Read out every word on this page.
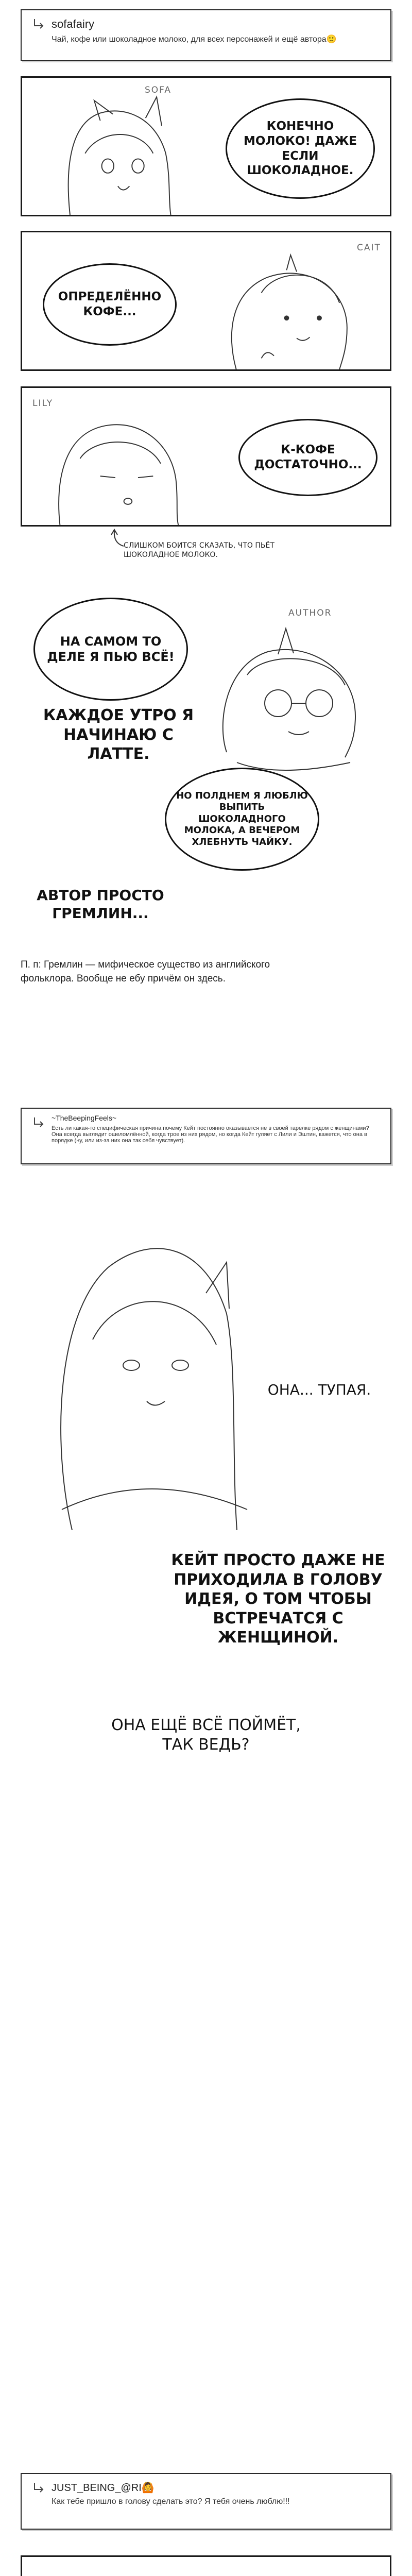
sofafairy
Чай, кофе или шоколадное молоко, для всех персонажей и ещё автора🙂
SOFA
КОНЕЧНО МОЛОКО! ДАЖЕ ЕСЛИ ШОКОЛАДНОЕ.
CAIT
ОПРЕДЕЛЁННО КОФЕ...
LILY
К-КОФЕ ДОСТАТОЧНО...
СЛИШКОМ БОИТСЯ СКАЗАТЬ, ЧТО ПЬЁТ ШОКОЛАДНОЕ МОЛОКО.
AUTHOR
НА САМОМ ТО ДЕЛЕ Я ПЬЮ ВСЁ!
КАЖДОЕ УТРО Я НАЧИНАЮ С ЛАТТЕ.
НО ПОЛДНЕМ Я ЛЮБЛЮ ВЫПИТЬ ШОКОЛАДНОГО МОЛОКА, А ВЕЧЕРОМ ХЛЕБНУТЬ ЧАЙКУ.
АВТОР ПРОСТО ГРЕМЛИН...
П. п: Гремлин — мифическое существо из английского фольклора. Вообще не ебу причём он здесь.
~TheBeepingFeels~
Есть ли какая-то специфическая причина почему Кейт постоянно оказывается не в своей тарелке рядом с женщинами? Она всегда выглядит ошеломлённой, когда трое из них рядом, но когда Кейт гуляет с Лили и Эштин, кажется, что она в порядке (ну, или из-за них она так себя чувствует).
ОНА... ТУПАЯ.
КЕЙТ ПРОСТО ДАЖЕ НЕ ПРИХОДИЛА В ГОЛОВУ ИДЕЯ, О ТОМ ЧТОБЫ ВСТРЕЧАТСЯ С ЖЕНЩИНОЙ.
ОНА ЕЩЁ ВСЁ ПОЙМЁТ, ТАК ВЕДЬ?
JUST_BEING_@RI🙆
Как тебе пришло в голову сделать это? Я тебя очень люблю!!!
